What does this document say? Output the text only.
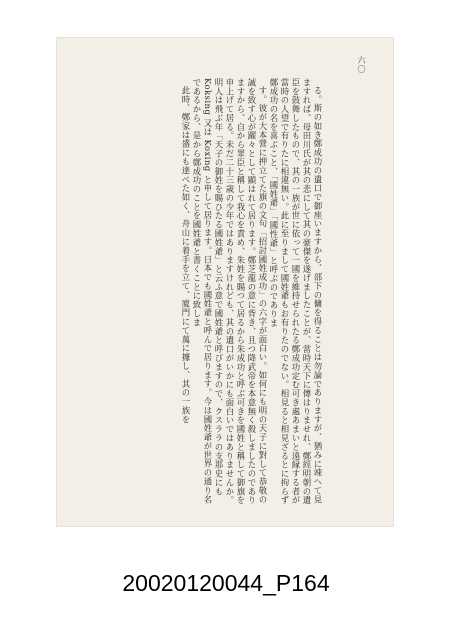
六〇

る。斯の如き鄭成功の遺口で御座いますから、部下の傭を得ることは勿論でありますが、猶みに竦へて見ますれば、母田川氏が其の悲にして其の豪傑を遂げましたことが、當時天下に傳はりませれ、鄭經明朝の遺臣を鼓舞したもので、其の一族が世に依って一國を維持せられたる鄭成功定む可き處あまいと遠縁する者が當時の人望で有りたに相違無い。此に至りまして國姓爺もお有りたのでない。相見ると相見ざるとに拘らず鄭成功の名を喜ぶこと、「國姓爺」「國性爺」と呼ぶのでありま

す。彼が大本營に押立てた旗の文句「招討國姓成功」の六字が面白い。如何にも明の天子に對して恭敬の誠を致す心が躍々として顯はれて居ります。鄭芝龍の意に背き、且つ降武帝を本意無く殺しましたのでありますから、自から罪臣と稱して我心を責め、朱姓を賜つて居るから朱成功と呼ぶ可きを國姓と稱して御旗を申上げて居る。未だ二十三歳の少年ではありますけれども、其の遺口がいかにも面白いではありませんか。明人は飛ぶ年「天子の御姓を賜ひたる國姓爺」と云ふ意で國姓爺と呼びますので、クスララの支那史にも Koksing 又は Koxing と申して居ります。日本でも國姓爺と呼んで居ります。今は國姓爺が世界の通り名であるから、是から鄭成功のことを國姓爺と書くことに致しま

此時、鄭家は盛にも達べた如く、舟山に着手を立て、廈門にて萬に據し、其の一族を

20020120044_P164
